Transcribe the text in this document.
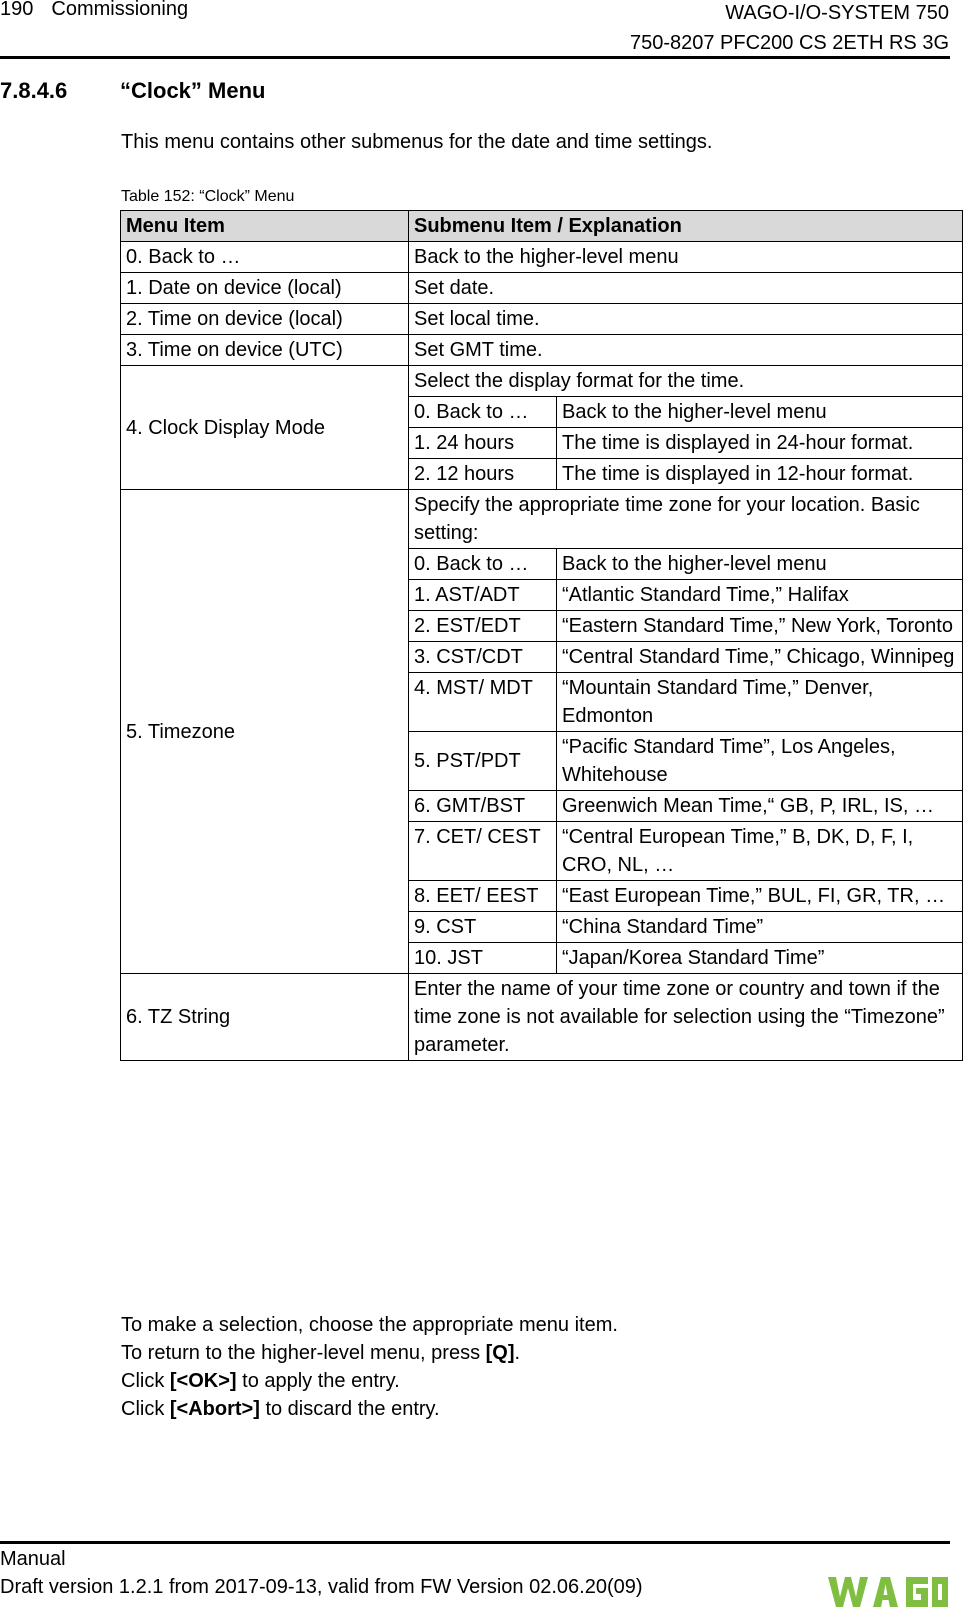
190 Commissioning	WAGO-I/O-SYSTEM 750
750-8207 PFC200 CS 2ETH RS 3G
7.8.4.6 “Clock” Menu
This menu contains other submenus for the date and time settings.
Table 152: “Clock” Menu
Menu Item	Submenu Item / Explanation	
0. Back to …	Back to the higher-level menu	
1. Date on device (local)	Set date.	
2. Time on device (local)	Set local time.	
3. Time on device (UTC)	Set GMT time.	
4. Clock Display Mode	Select the display format for the time.	
	0. Back to …	Back to the higher-level menu
	1. 24 hours	The time is displayed in 24-hour format.
	2. 12 hours	The time is displayed in 12-hour format.
5. Timezone	Specify the appropriate time zone for your location. Basic setting:	
	0. Back to …	Back to the higher-level menu
	1. AST/ADT	“Atlantic Standard Time,” Halifax
	2. EST/EDT	“Eastern Standard Time,” New York, Toronto
	3. CST/CDT	“Central Standard Time,” Chicago, Winnipeg
	4. MST/ MDT	“Mountain Standard Time,” Denver, Edmonton
	5. PST/PDT	“Pacific Standard Time”, Los Angeles, Whitehouse
	6. GMT/BST	Greenwich Mean Time,“ GB, P, IRL, IS, …
	7. CET/ CEST	“Central European Time,” B, DK, D, F, I, CRO, NL, …
	8. EET/ EEST	“East European Time,” BUL, FI, GR, TR, …
	9. CST	“China Standard Time”
	10. JST	“Japan/Korea Standard Time”
6. TZ String	Enter the name of your time zone or country and town if the time zone is not available for selection using the “Timezone” parameter.	

To make a selection, choose the appropriate menu item.

To return to the higher-level menu, press [Q].

Click [<OK>] to apply the entry.

Click [<Abort>] to discard the entry.

Manual
Draft version 1.2.1 from 2017-09-13, valid from FW Version 02.06.20(09)
